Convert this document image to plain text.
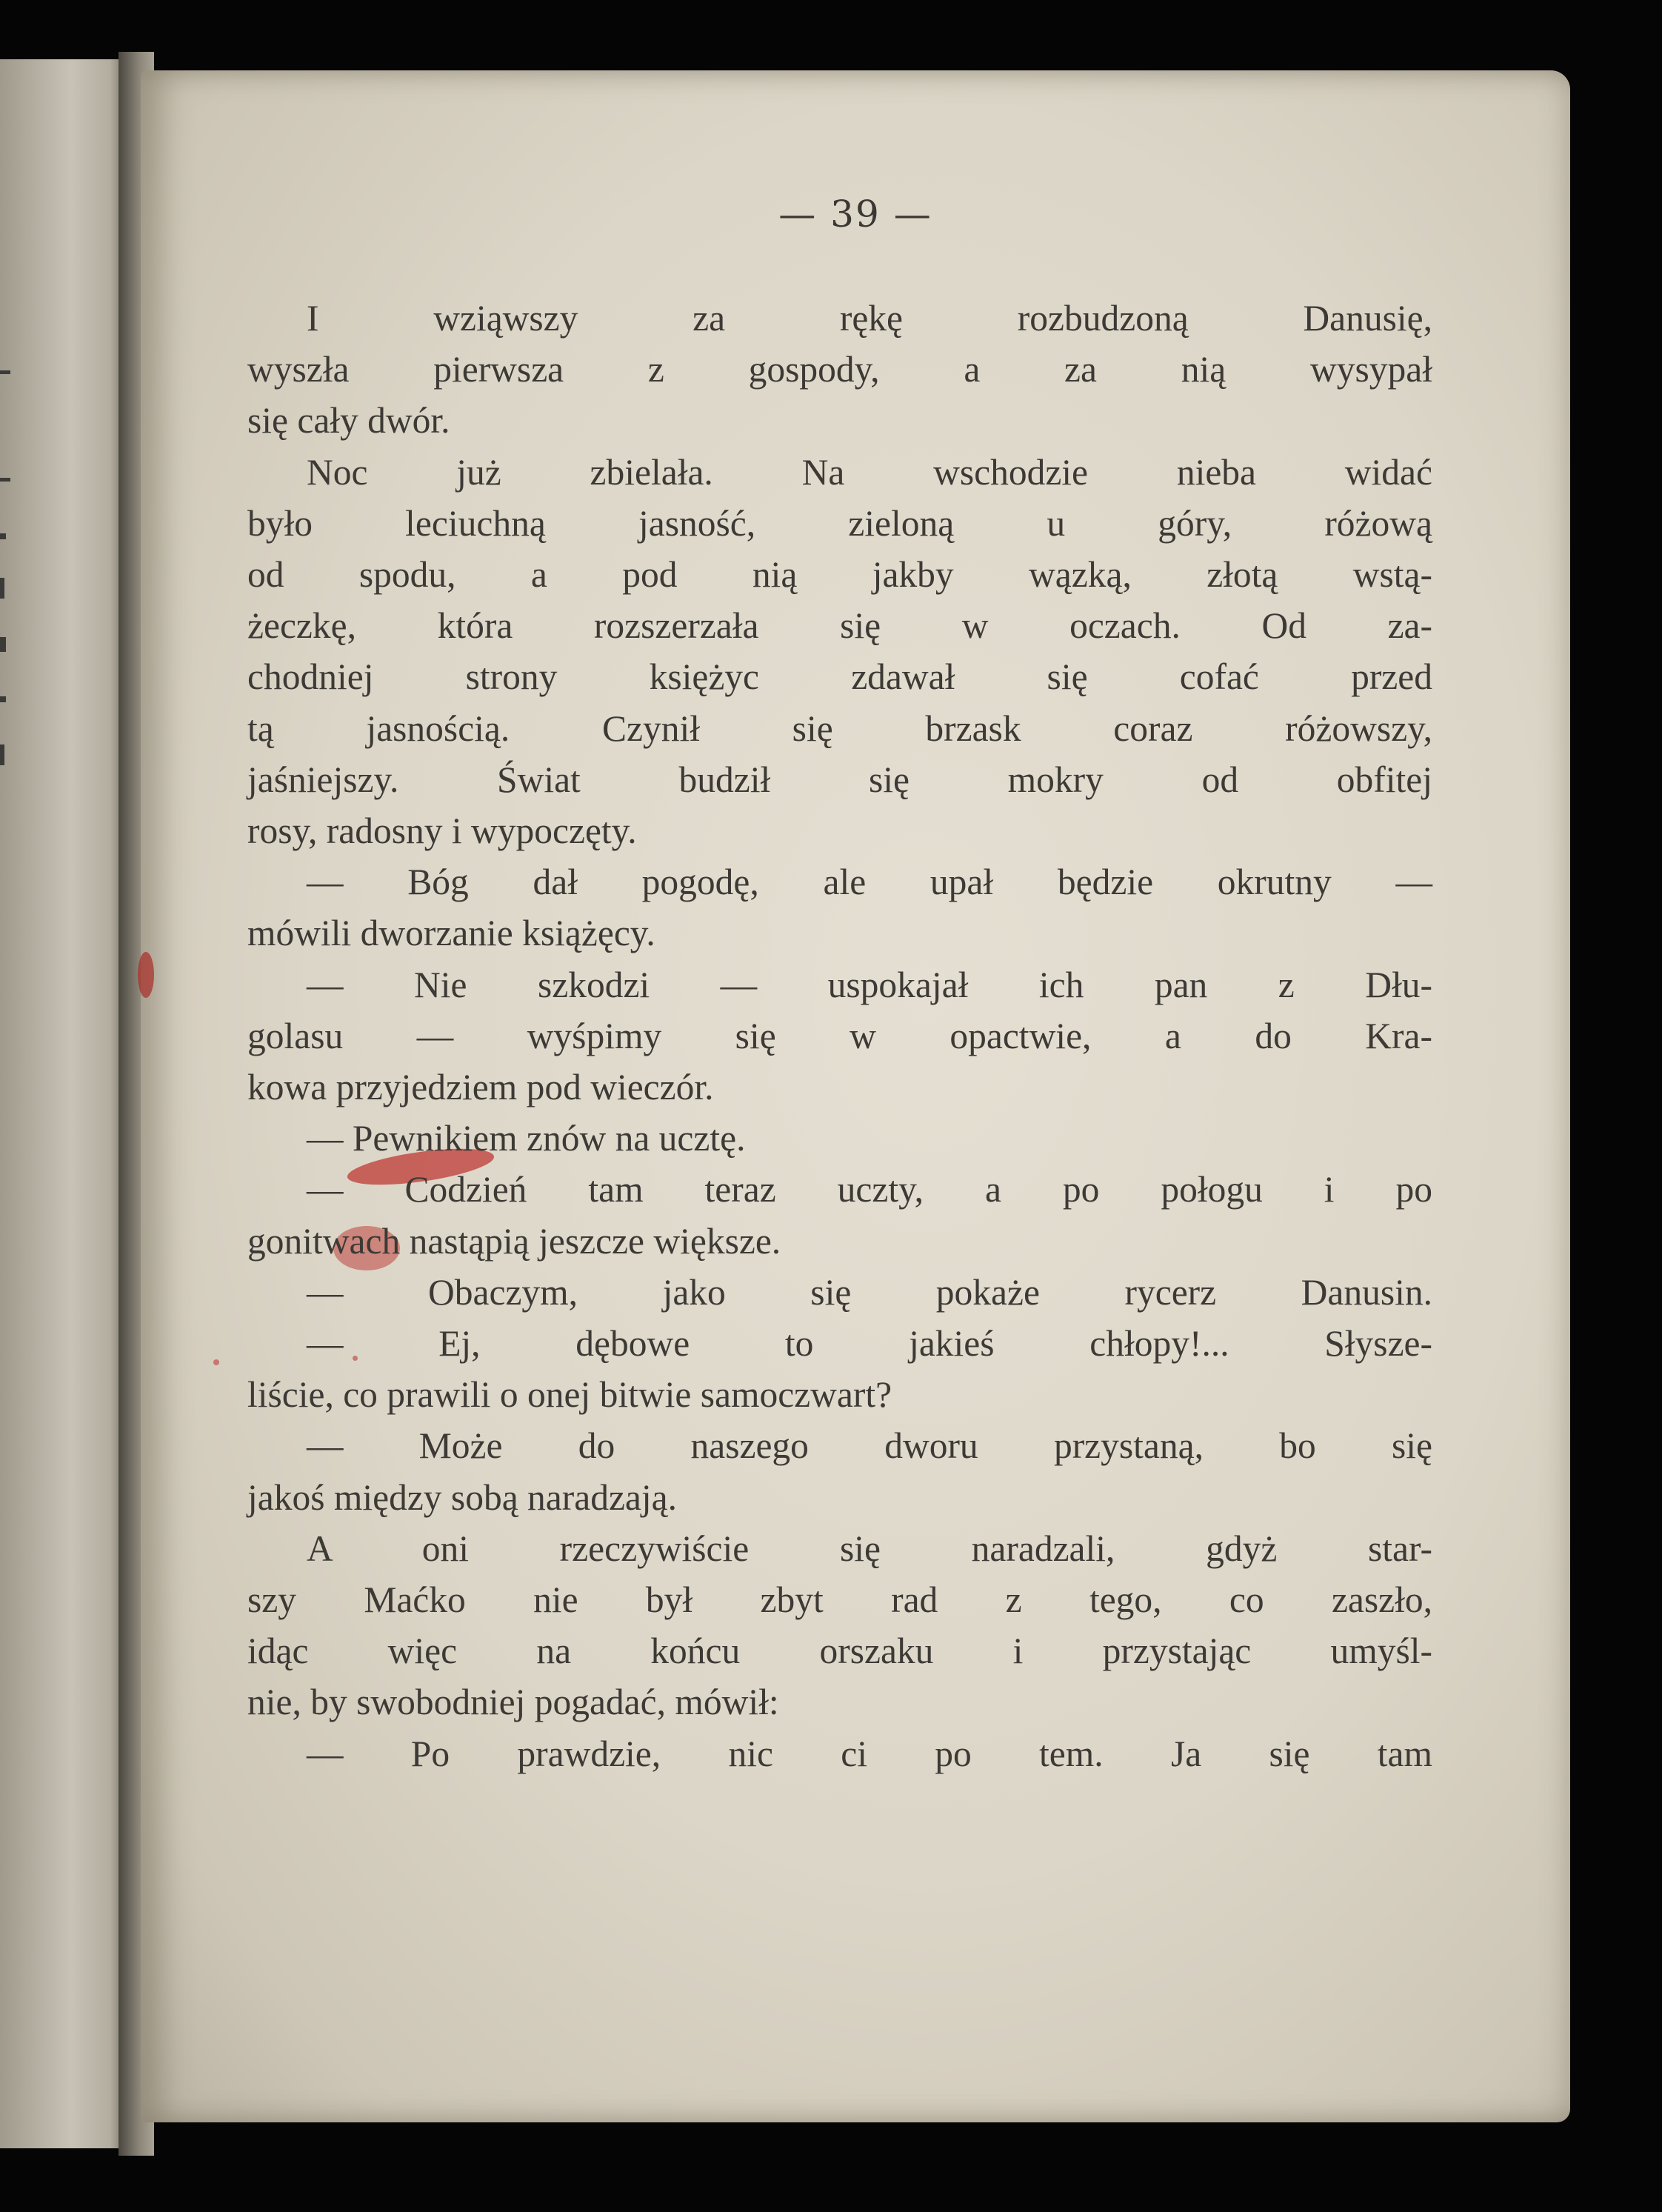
— 39 —
I wziąwszy za rękę rozbudzoną Danusię,
wyszła pierwsza z gospody, a za nią wysypał
się cały dwór.
Noc już zbielała. Na wschodzie nieba widać
było leciuchną jasność, zieloną u góry, różową
od spodu, a pod nią jakby wązką, złotą wstą-
żeczkę, która rozszerzała się w oczach. Od za-
chodniej strony księżyc zdawał się cofać przed
tą jasnością. Czynił się brzask coraz różowszy,
jaśniejszy. Świat budził się mokry od obfitej
rosy, radosny i wypoczęty.
— Bóg dał pogodę, ale upał będzie okrutny —
mówili dworzanie książęcy.
— Nie szkodzi — uspokajał ich pan z Dłu-
golasu — wyśpimy się w opactwie, a do Kra-
kowa przyjedziem pod wieczór.
— Pewnikiem znów na ucztę.
— Codzień tam teraz uczty, a po połogu i po
gonitwach nastąpią jeszcze większe.
— Obaczym, jako się pokaże rycerz Danusin.
— Ej, dębowe to jakieś chłopy!... Słysze-
liście, co prawili o onej bitwie samoczwart?
— Może do naszego dworu przystaną, bo się
jakoś między sobą naradzają.
A oni rzeczywiście się naradzali, gdyż star-
szy Maćko nie był zbyt rad z tego, co zaszło,
idąc więc na końcu orszaku i przystając umyśl-
nie, by swobodniej pogadać, mówił:
— Po prawdzie, nic ci po tem. Ja się tam
